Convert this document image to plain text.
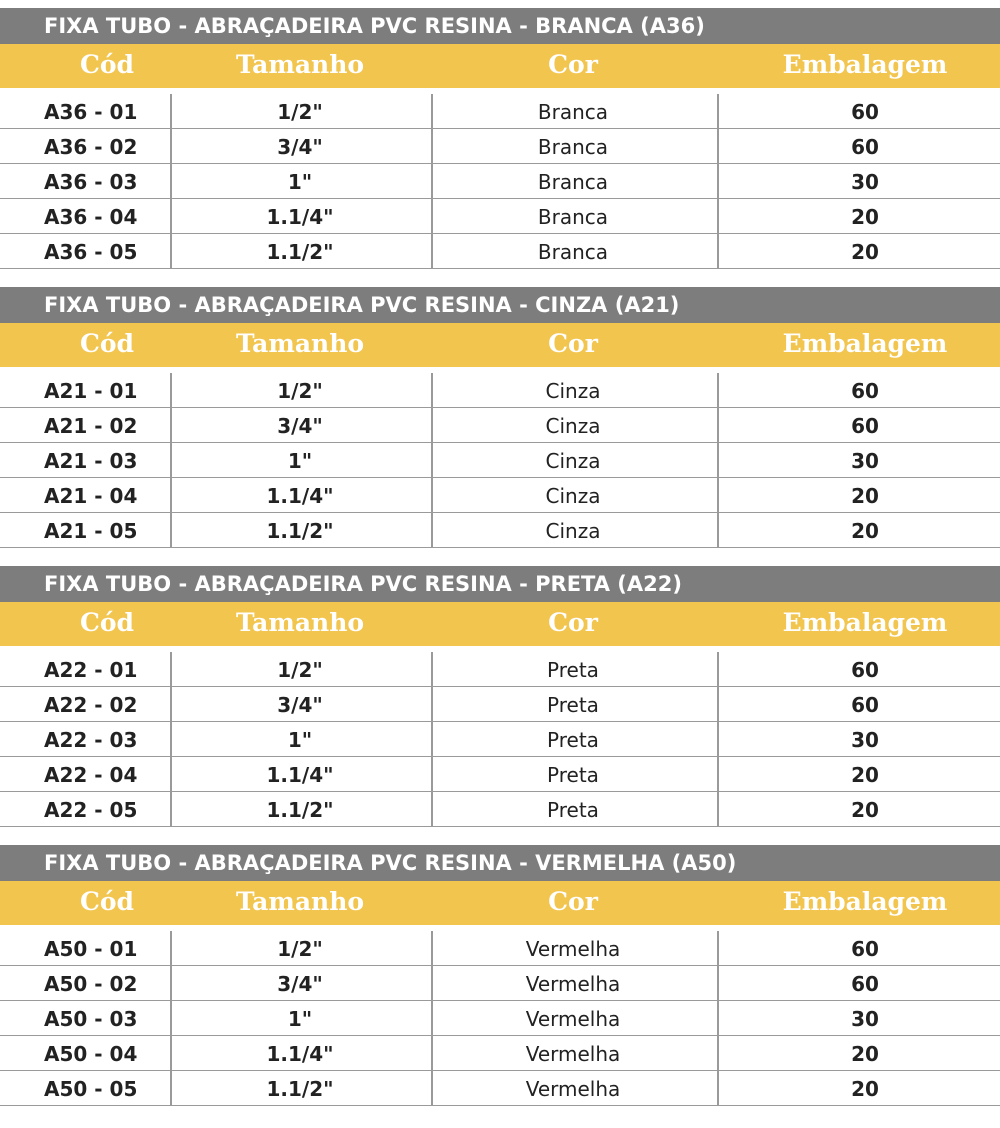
FIXA TUBO - ABRAÇADEIRA PVC RESINA - BRANCA (A36)
Cód	Tamanho	Cor	Embalagem
A36 - 01	1/2"	Branca	60
A36 - 02	3/4"	Branca	60
A36 - 03	1"	Branca	30
A36 - 04	1.1/4"	Branca	20
A36 - 05	1.1/2"	Branca	20
FIXA TUBO - ABRAÇADEIRA PVC RESINA - CINZA (A21)
Cód	Tamanho	Cor	Embalagem
A21 - 01	1/2"	Cinza	60
A21 - 02	3/4"	Cinza	60
A21 - 03	1"	Cinza	30
A21 - 04	1.1/4"	Cinza	20
A21 - 05	1.1/2"	Cinza	20
FIXA TUBO - ABRAÇADEIRA PVC RESINA - PRETA (A22)
Cód	Tamanho	Cor	Embalagem
A22 - 01	1/2"	Preta	60
A22 - 02	3/4"	Preta	60
A22 - 03	1"	Preta	30
A22 - 04	1.1/4"	Preta	20
A22 - 05	1.1/2"	Preta	20
FIXA TUBO - ABRAÇADEIRA PVC RESINA - VERMELHA (A50)
Cód	Tamanho	Cor	Embalagem
A50 - 01	1/2"	Vermelha	60
A50 - 02	3/4"	Vermelha	60
A50 - 03	1"	Vermelha	30
A50 - 04	1.1/4"	Vermelha	20
A50 - 05	1.1/2"	Vermelha	20
